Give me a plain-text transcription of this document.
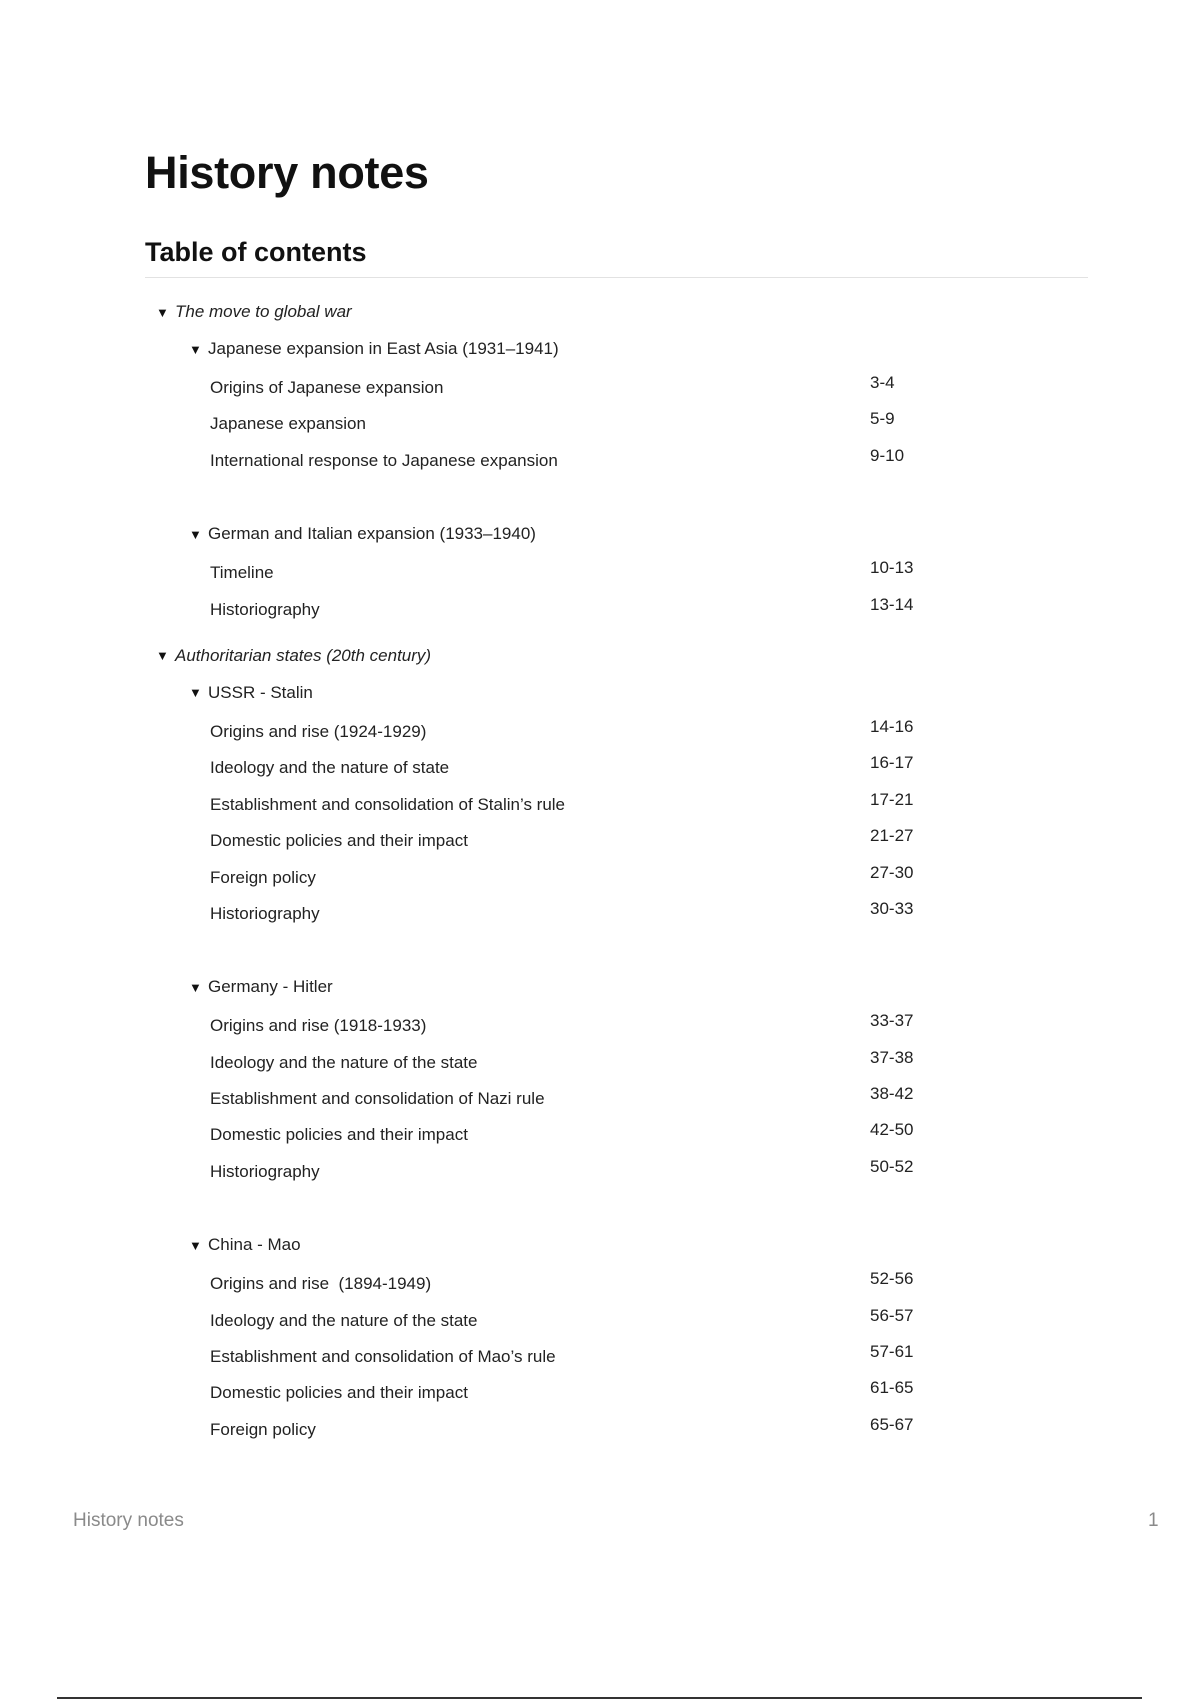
History notes
Table of contents
▼ The move to global war
▼ Japanese expansion in East Asia (1931–1941)
Origins of Japanese expansion	3-4
Japanese expansion	5-9
International response to Japanese expansion	9-10
▼ German and Italian expansion (1933–1940)
Timeline	10-13
Historiography	13-14
▼ Authoritarian states (20th century)
▼ USSR - Stalin
Origins and rise (1924-1929)	14-16
Ideology and the nature of state	16-17
Establishment and consolidation of Stalin’s rule	17-21
Domestic policies and their impact	21-27
Foreign policy	27-30
Historiography	30-33
▼ Germany - Hitler
Origins and rise (1918-1933)	33-37
Ideology and the nature of the state	37-38
Establishment and consolidation of Nazi rule	38-42
Domestic policies and their impact	42-50
Historiography	50-52
▼ China - Mao
Origins and rise  (1894-1949)	52-56
Ideology and the nature of the state	56-57
Establishment and consolidation of Mao’s rule	57-61
Domestic policies and their impact	61-65
Foreign policy	65-67
History notes	1
